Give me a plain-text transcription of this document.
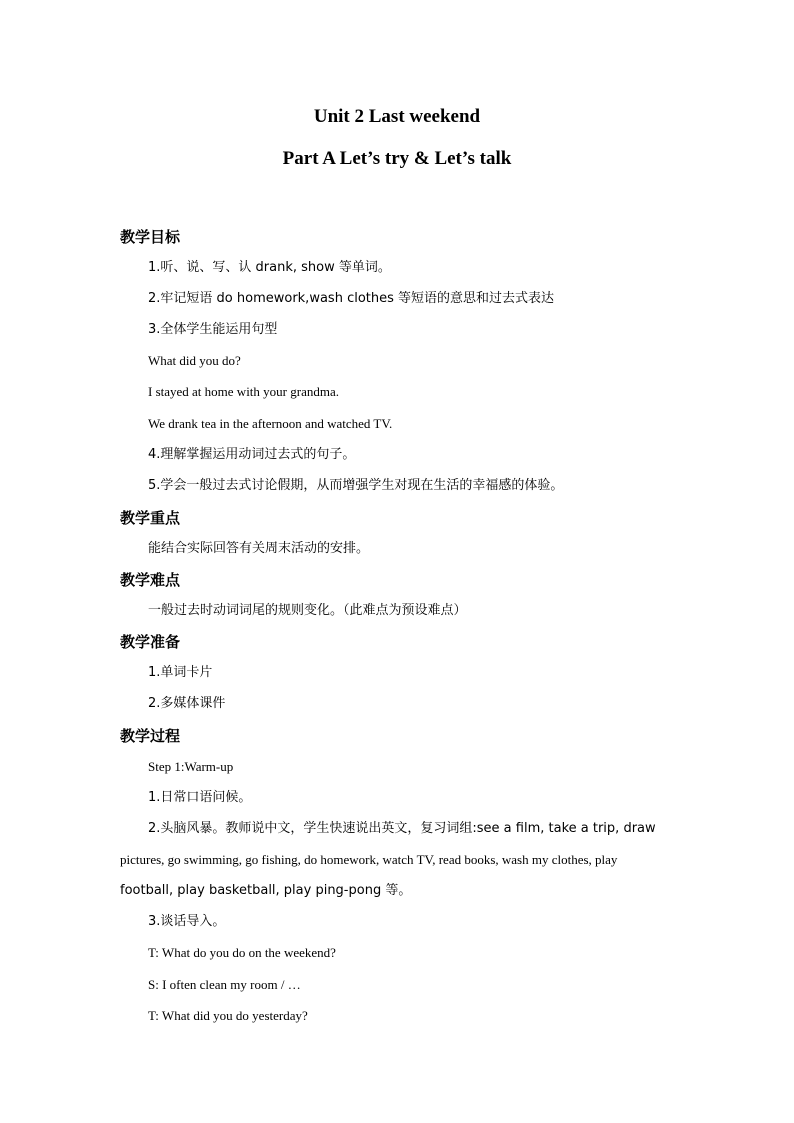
Unit 2 Last weekend
Part A Let’s try & Let’s talk
教学目标
1.听、说、写、认 drank, show 等单词。
2.牢记短语 do homework,wash clothes 等短语的意思和过去式表达
3.全体学生能运用句型
What did you do?
I stayed at home with your grandma.
We drank tea in the afternoon and watched TV.
4.理解掌握运用动词过去式的句子。
5.学会一般过去式讨论假期，从而增强学生对现在生活的幸福感的体验。
教学重点
能结合实际回答有关周末活动的安排。
教学难点
一般过去时动词词尾的规则变化。（此难点为预设难点）
教学准备
1.单词卡片
2.多媒体课件
教学过程
Step 1:Warm-up
1.日常口语问候。
2.头脑风暴。教师说中文，学生快速说出英文，复习词组:see a film, take a trip, draw
pictures, go swimming, go fishing, do homework, watch TV, read books, wash my clothes, play
football, play basketball, play ping-pong 等。
3.谈话导入。
T: What do you do on the weekend?
S: I often clean my room / …
T: What did you do yesterday?
